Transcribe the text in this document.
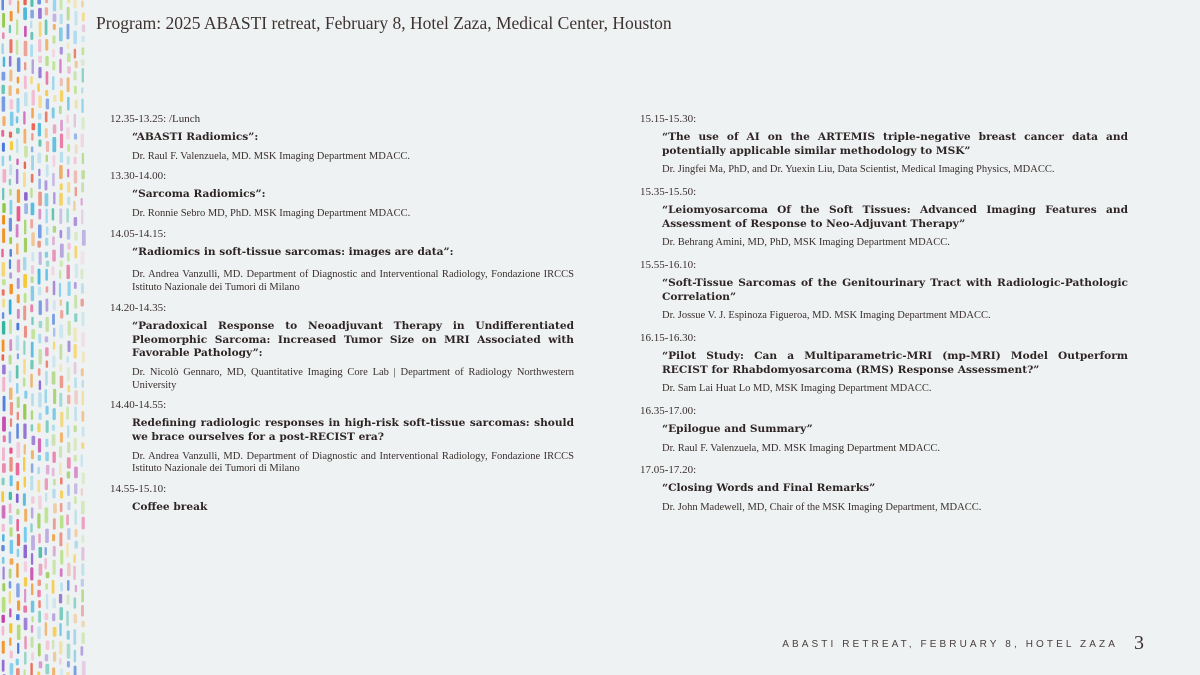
Program: 2025 ABASTI retreat, February 8, Hotel Zaza, Medical Center, Houston
12.35-13.25: /Lunch
“ABASTI Radiomics”:
Dr. Raul F. Valenzuela, MD. MSK Imaging Department MDACC.
13.30-14.00:
“Sarcoma Radiomics”:
Dr. Ronnie Sebro MD, PhD. MSK Imaging Department MDACC.
14.05-14.15:
“Radiomics in soft-tissue sarcomas: images are data”:
Dr. Andrea Vanzulli, MD. Department of Diagnostic and Interventional Radiology, Fondazione IRCCS Istituto Nazionale dei Tumori di Milano
14.20-14.35:
“Paradoxical Response to Neoadjuvant Therapy in Undifferentiated Pleomorphic Sarcoma: Increased Tumor Size on MRI Associated with Favorable Pathology”:
Dr. Nicolò Gennaro, MD, Quantitative Imaging Core Lab | Department of Radiology Northwestern University
14.40-14.55:
Redefining radiologic responses in high-risk soft-tissue sarcomas: should we brace ourselves for a post-RECIST era?
Dr. Andrea Vanzulli, MD. Department of Diagnostic and Interventional Radiology, Fondazione IRCCS Istituto Nazionale dei Tumori di Milano
14.55-15.10:
Coffee break
15.15-15.30:
“The use of AI on the ARTEMIS triple-negative breast cancer data and potentially applicable similar methodology to MSK”
Dr. Jingfei Ma, PhD, and Dr. Yuexin Liu, Data Scientist, Medical Imaging Physics, MDACC.
15.35-15.50:
“Leiomyosarcoma Of the Soft Tissues: Advanced Imaging Features and Assessment of Response to Neo-Adjuvant Therapy”
Dr. Behrang Amini, MD, PhD, MSK Imaging Department MDACC.
15.55-16.10:
“Soft-Tissue Sarcomas of the Genitourinary Tract with Radiologic-Pathologic Correlation”
Dr. Jossue V. J. Espinoza Figueroa, MD. MSK Imaging Department MDACC.
16.15-16.30:
“Pilot Study: Can a Multiparametric-MRI (mp-MRI) Model Outperform RECIST for Rhabdomyosarcoma (RMS) Response Assessment?”
Dr. Sam Lai Huat Lo MD, MSK Imaging Department MDACC.
16.35-17.00:
“Epilogue and Summary”
Dr. Raul F. Valenzuela, MD. MSK Imaging Department MDACC.
17.05-17.20:
“Closing Words and Final Remarks”
Dr. John Madewell, MD, Chair of the MSK Imaging Department, MDACC.
ABASTI RETREAT, FEBRUARY 8, HOTEL ZAZA 3
